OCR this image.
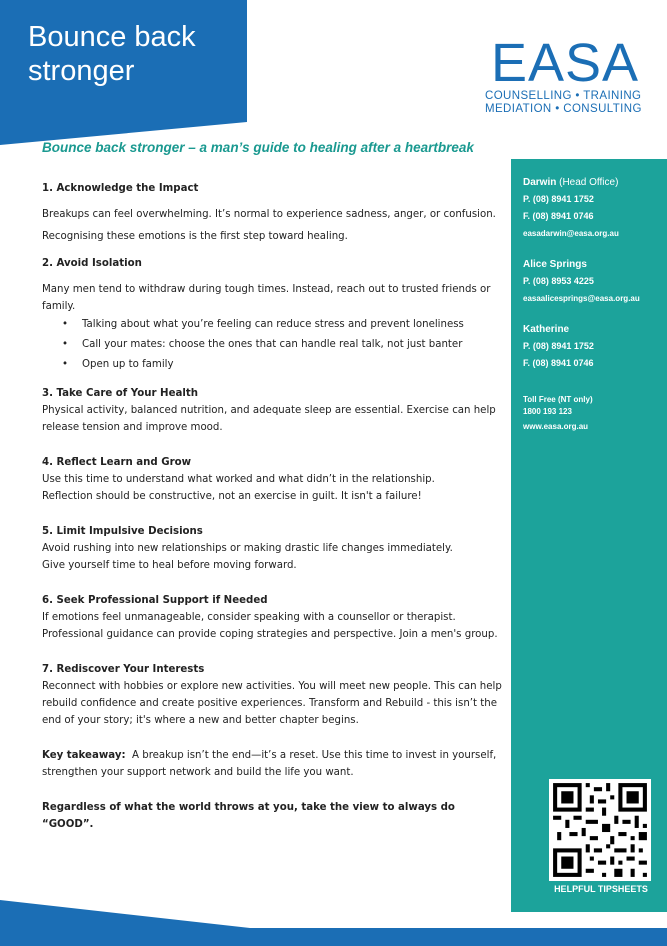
Bounce back
stronger	EASA
COUNSELLING • TRAINING
MEDIATION • CONSULTING
Bounce back stronger – a man’s guide to healing after a heartbreak
Darwin (Head Office)
P. (08) 8941 1752
F. (08) 8941 0746
easadarwin@easa.org.au
Alice Springs
P. (08) 8953 4225
easaalicesprings@easa.org.au
Katherine
P. (08) 8941 1752
F. (08) 8941 0746
Toll Free (NT only)
1800 193 123
www.easa.org.au
HELPFUL TIPSHEETS
1. Acknowledge the Impact

Breakups can feel overwhelming. It’s normal to experience sadness, anger, or confusion.

Recognising these emotions is the first step toward healing.

2. Avoid Isolation

Many men tend to withdraw during tough times. Instead, reach out to trusted friends or family.

• Talking about what you’re feeling can reduce stress and prevent loneliness
• Call your mates: choose the ones that can handle real talk, not just banter
• Open up to family
3. Take Care of Your Health

Physical activity, balanced nutrition, and adequate sleep are essential. Exercise can help release tension and improve mood.

4. Reflect Learn and Grow

Use this time to understand what worked and what didn’t in the relationship.

Reflection should be constructive, not an exercise in guilt. It isn't a failure!

5. Limit Impulsive Decisions

Avoid rushing into new relationships or making drastic life changes immediately.

Give yourself time to heal before moving forward.

6. Seek Professional Support if Needed

If emotions feel unmanageable, consider speaking with a counsellor or therapist.

Professional guidance can provide coping strategies and perspective. Join a men's group.

7. Rediscover Your Interests

Reconnect with hobbies or explore new activities. You will meet new people. This can help rebuild confidence and create positive experiences. Transform and Rebuild - this isn’t the end of your story; it's where a new and better chapter begins.

Key takeaway: A breakup isn’t the end—it’s a reset. Use this time to invest in yourself, strengthen your support network and build the life you want.

Regardless of what the world throws at you, take the view to always do “GOOD”.
